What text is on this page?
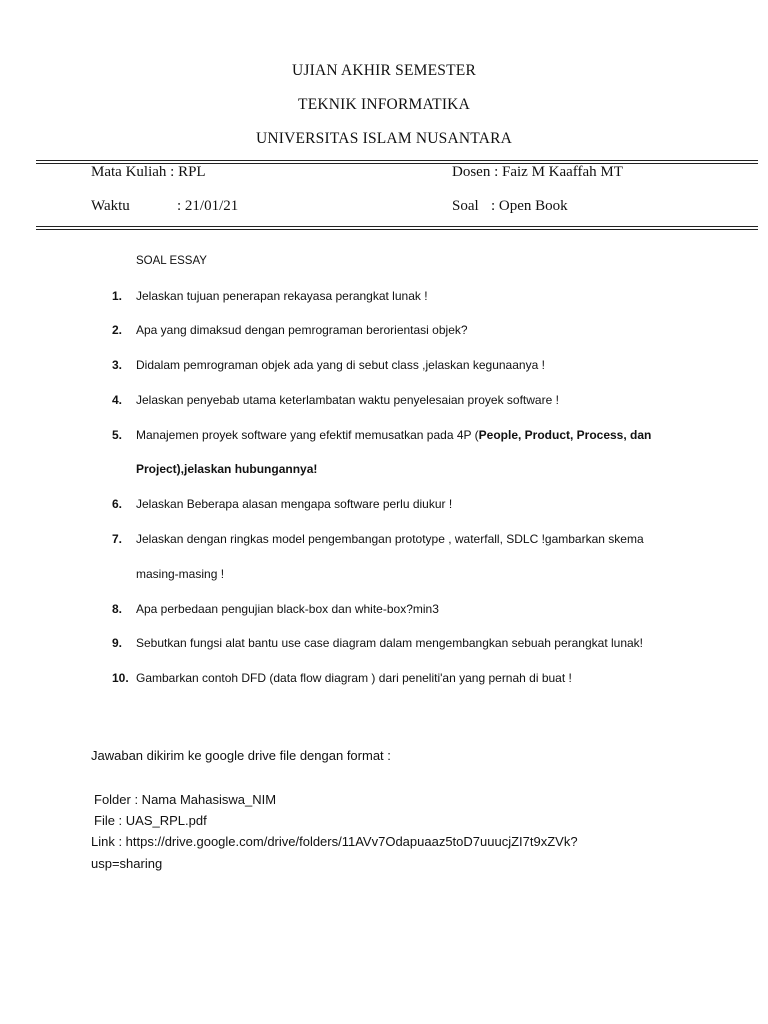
UJIAN AKHIR SEMESTER
TEKNIK INFORMATIKA
UNIVERSITAS ISLAM NUSANTARA
Mata Kuliah : RPL
Waktu	: 21/01/21
Dosen : Faiz M Kaaffah MT
Soal : Open Book
SOAL ESSAY
1. Jelaskan tujuan penerapan rekayasa perangkat lunak !
2. Apa yang dimaksud dengan pemrograman berorientasi objek?
3. Didalam pemrograman objek ada yang di sebut class ,jelaskan kegunaanya !
4. Jelaskan penyebab utama keterlambatan waktu penyelesaian proyek software !
5. Manajemen proyek software yang efektif memusatkan pada 4P (People, Product, Process, dan
Project),jelaskan hubungannya!
6. Jelaskan Beberapa alasan mengapa software perlu diukur !
7. Jelaskan dengan ringkas model pengembangan prototype , waterfall, SDLC !gambarkan skema
masing-masing !
8. Apa perbedaan pengujian black-box dan white-box?min3
9. Sebutkan fungsi alat bantu use case diagram dalam mengembangkan sebuah perangkat lunak!
10. Gambarkan contoh DFD (data flow diagram ) dari peneliti'an yang pernah di buat !
Jawaban dikirim ke google drive file dengan format :
Folder : Nama Mahasiswa_NIM
File : UAS_RPL.pdf
Link : https://drive.google.com/drive/folders/11AVv7Odapuaaz5toD7uuucjZI7t9xZVk?
usp=sharing
